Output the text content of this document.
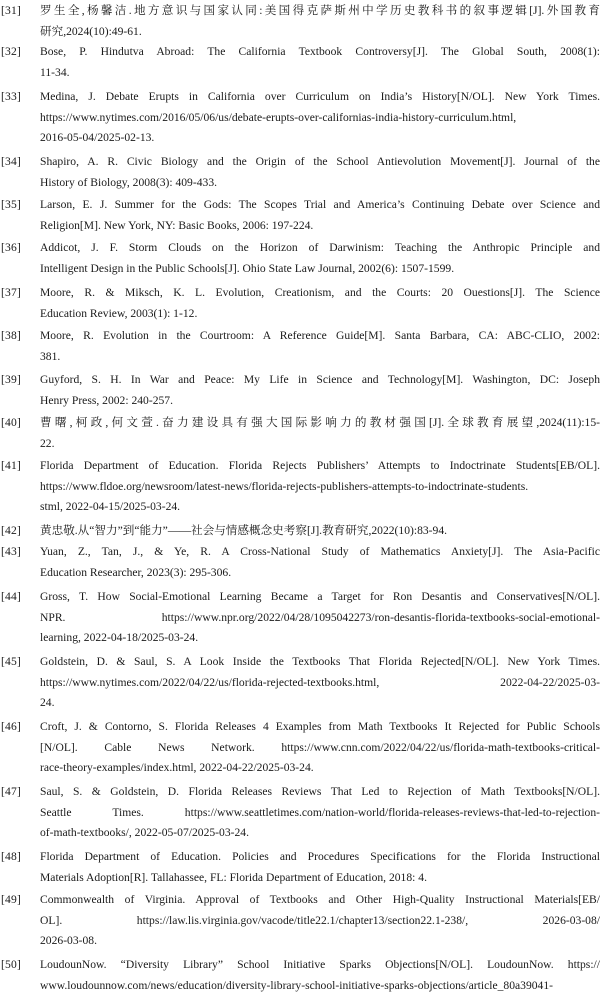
[31] 罗生全,杨馨洁.地方意识与国家认同:美国得克萨斯州中学历史教科书的叙事逻辑[J].外国教育
研究,2024(10):49-61.
[32] Bose, P. Hindutva Abroad: The California Textbook Controversy[J]. The Global South, 2008(1):
11-34.
[33] Medina, J. Debate Erupts in California over Curriculum on India’s History[N/OL]. New York Times.
https://www.nytimes.com/2016/05/06/us/debate-erupts-over-californias-india-history-curriculum.html,
2016-05-04/2025-02-13.
[34] Shapiro, A. R. Civic Biology and the Origin of the School Antievolution Movement[J]. Journal of the
History of Biology, 2008(3): 409-433.
[35] Larson, E. J. Summer for the Gods: The Scopes Trial and America’s Continuing Debate over Science and
Religion[M]. New York, NY: Basic Books, 2006: 197-224.
[36] Addicot, J. F. Storm Clouds on the Horizon of Darwinism: Teaching the Anthropic Principle and
Intelligent Design in the Public Schools[J]. Ohio State Law Journal, 2002(6): 1507-1599.
[37] Moore, R. & Miksch, K. L. Evolution, Creationism, and the Courts: 20 Ouestions[J]. The Science
Education Review, 2003(1): 1-12.
[38] Moore, R. Evolution in the Courtroom: A Reference Guide[M]. Santa Barbara, CA: ABC-CLIO, 2002:
381.
[39] Guyford, S. H. In War and Peace: My Life in Science and Technology[M]. Washington, DC: Joseph
Henry Press, 2002: 240-257.
[40] 曹曙,柯政,何文萱.奋力建设具有强大国际影响力的教材强国[J].全球教育展望,2024(11):15-
22.
[41] Florida Department of Education. Florida Rejects Publishers’ Attempts to Indoctrinate Students[EB/OL].
https://www.fldoe.org/newsroom/latest-news/florida-rejects-publishers-attempts-to-indoctrinate-students.
stml, 2022-04-15/2025-03-24.
[42] 黄忠敬.从“智力”到“能力”——社会与情感概念史考察[J].教育研究,2022(10):83-94.
[43] Yuan, Z., Tan, J., & Ye, R. A Cross-National Study of Mathematics Anxiety[J]. The Asia-Pacific
Education Researcher, 2023(3): 295-306.
[44] Gross, T. How Social-Emotional Learning Became a Target for Ron Desantis and Conservatives[N/OL].
NPR. https://www.npr.org/2022/04/28/1095042273/ron-desantis-florida-textbooks-social-emotional-
learning, 2022-04-18/2025-03-24.
[45] Goldstein, D. & Saul, S. A Look Inside the Textbooks That Florida Rejected[N/OL]. New York Times.
https://www.nytimes.com/2022/04/22/us/florida-rejected-textbooks.html, 2022-04-22/2025-03-
24.
[46] Croft, J. & Contorno, S. Florida Releases 4 Examples from Math Textbooks It Rejected for Public Schools
[N/OL]. Cable News Network. https://www.cnn.com/2022/04/22/us/florida-math-textbooks-critical-
race-theory-examples/index.html, 2022-04-22/2025-03-24.
[47] Saul, S. & Goldstein, D. Florida Releases Reviews That Led to Rejection of Math Textbooks[N/OL].
Seattle Times. https://www.seattletimes.com/nation-world/florida-releases-reviews-that-led-to-rejection-
of-math-textbooks/, 2022-05-07/2025-03-24.
[48] Florida Department of Education. Policies and Procedures Specifications for the Florida Instructional
Materials Adoption[R]. Tallahassee, FL: Florida Department of Education, 2018: 4.
[49] Commonwealth of Virginia. Approval of Textbooks and Other High-Quality Instructional Materials[EB/
OL]. https://law.lis.virginia.gov/vacode/title22.1/chapter13/section22.1-238/, 2026-03-08/
2026-03-08.
[50] LoudounNow. “Diversity Library” School Initiative Sparks Objections[N/OL]. LoudounNow. https://
www.loudounnow.com/news/education/diversity-library-school-initiative-sparks-objections/article_80a39041-
